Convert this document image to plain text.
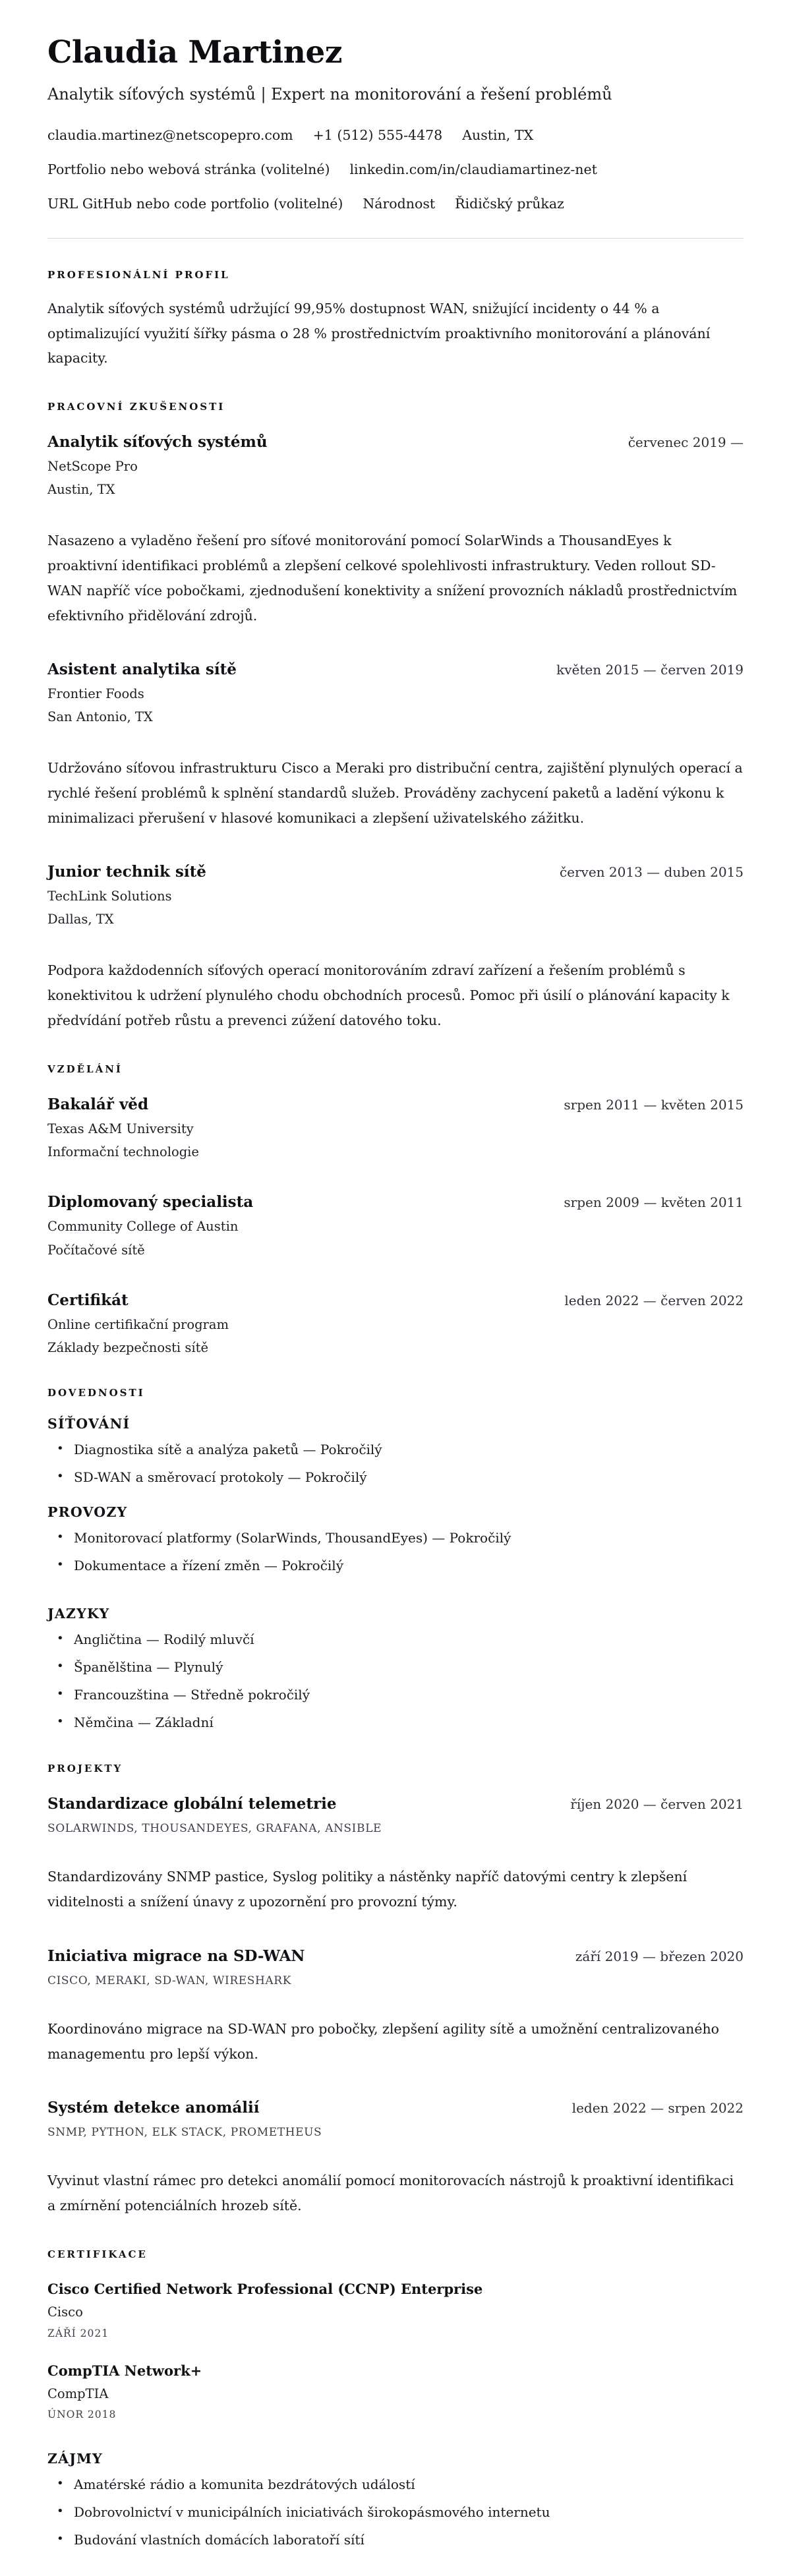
Claudia Martinez

Analytik síťových systémů | Expert na monitorování a řešení problémů

claudia.martinez@netscopepro.com +1 (512) 555-4478 Austin, TX
Portfolio nebo webová stránka (volitelné) linkedin.com/in/claudiamartinez-net
URL GitHub nebo code portfolio (volitelné) Národnost Řidičský průkaz
PROFESIONÁLNÍ PROFIL

Analytik síťových systémů udržující 99,95% dostupnost WAN, snižující incidenty o 44 % a optimalizující využití šířky pásma o 28 % prostřednictvím proaktivního monitorování a plánování kapacity.

PRACOVNÍ ZKUŠENOSTI
Analytik síťových systémů	červenec 2019 —
NetScope Pro
Austin, TX

Nasazeno a vyladěno řešení pro síťové monitorování pomocí SolarWinds a ThousandEyes k proaktivní identifikaci problémů a zlepšení celkové spolehlivosti infrastruktury. Veden rollout SD-WAN napříč více pobočkami, zjednodušení konektivity a snížení provozních nákladů prostřednictvím efektivního přidělování zdrojů.

Asistent analytika sítě	květen 2015 — červen 2019
Frontier Foods
San Antonio, TX

Udržováno síťovou infrastrukturu Cisco a Meraki pro distribuční centra, zajištění plynulých operací a rychlé řešení problémů k splnění standardů služeb. Prováděny zachycení paketů a ladění výkonu k minimalizaci přerušení v hlasové komunikaci a zlepšení uživatelského zážitku.

Junior technik sítě	červen 2013 — duben 2015
TechLink Solutions
Dallas, TX

Podpora každodenních síťových operací monitorováním zdraví zařízení a řešením problémů s konektivitou k udržení plynulého chodu obchodních procesů. Pomoc při úsilí o plánování kapacity k předvídání potřeb růstu a prevenci zúžení datového toku.

VZDĚLÁNÍ
Bakalář věd	srpen 2011 — květen 2015
Texas A&M University
Informační technologie
Diplomovaný specialista	srpen 2009 — květen 2011
Community College of Austin
Počítačové sítě
Certifikát	leden 2022 — červen 2022
Online certifikační program
Základy bezpečnosti sítě
DOVEDNOSTI
SÍŤOVÁNÍ
• Diagnostika sítě a analýza paketů — Pokročilý
• SD-WAN a směrovací protokoly — Pokročilý
PROVOZY
• Monitorovací platformy (SolarWinds, ThousandEyes) — Pokročilý
• Dokumentace a řízení změn — Pokročilý
JAZYKY
• Angličtina — Rodilý mluvčí
• Španělština — Plynulý
• Francouzština — Středně pokročilý
• Němčina — Základní
PROJEKTY
Standardizace globální telemetrie	říjen 2020 — červen 2021
SOLARWINDS, THOUSANDEYES, GRAFANA, ANSIBLE

Standardizovány SNMP pastice, Syslog politiky a nástěnky napříč datovými centry k zlepšení viditelnosti a snížení únavy z upozornění pro provozní týmy.

Iniciativa migrace na SD-WAN	září 2019 — březen 2020
CISCO, MERAKI, SD-WAN, WIRESHARK

Koordinováno migrace na SD-WAN pro pobočky, zlepšení agility sítě a umožnění centralizovaného managementu pro lepší výkon.

Systém detekce anomálií	leden 2022 — srpen 2022
SNMP, PYTHON, ELK STACK, PROMETHEUS

Vyvinut vlastní rámec pro detekci anomálií pomocí monitorovacích nástrojů k proaktivní identifikaci a zmírnění potenciálních hrozeb sítě.

CERTIFIKACE
Cisco Certified Network Professional (CCNP) Enterprise
Cisco
ZÁŘÍ 2021
CompTIA Network+
CompTIA
ÚNOR 2018
ZÁJMY
• Amatérské rádio a komunita bezdrátových událostí
• Dobrovolnictví v municipálních iniciativách širokopásmového internetu
• Budování vlastních domácích laboratoří sítí
